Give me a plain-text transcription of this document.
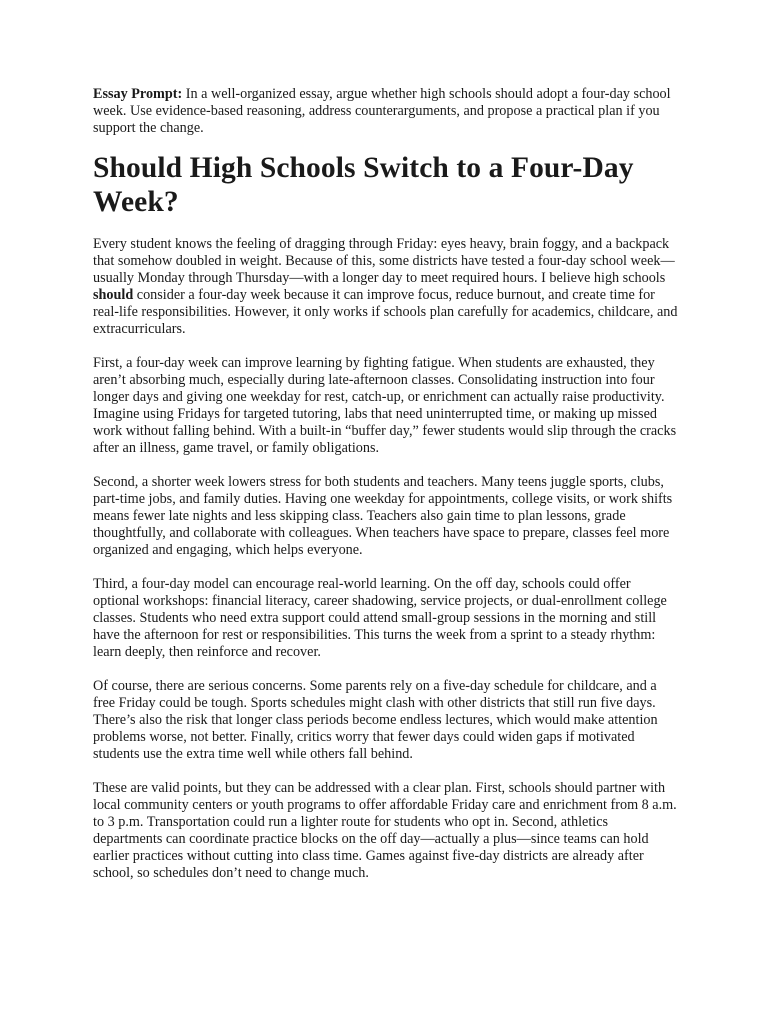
Essay Prompt: In a well-organized essay, argue whether high schools should adopt a four-day school week. Use evidence-based reasoning, address counterarguments, and propose a practical plan if you support the change.

Should High Schools Switch to a Four-Day Week?

Every student knows the feeling of dragging through Friday: eyes heavy, brain foggy, and a backpack that somehow doubled in weight. Because of this, some districts have tested a four-day school week—usually Monday through Thursday—with a longer day to meet required hours. I believe high schools should consider a four-day week because it can improve focus, reduce burnout, and create time for real-life responsibilities. However, it only works if schools plan carefully for academics, childcare, and extracurriculars.

First, a four-day week can improve learning by fighting fatigue. When students are exhausted, they aren’t absorbing much, especially during late-afternoon classes. Consolidating instruction into four longer days and giving one weekday for rest, catch-up, or enrichment can actually raise productivity. Imagine using Fridays for targeted tutoring, labs that need uninterrupted time, or making up missed work without falling behind. With a built-in “buffer day,” fewer students would slip through the cracks after an illness, game travel, or family obligations.

Second, a shorter week lowers stress for both students and teachers. Many teens juggle sports, clubs, part-time jobs, and family duties. Having one weekday for appointments, college visits, or work shifts means fewer late nights and less skipping class. Teachers also gain time to plan lessons, grade thoughtfully, and collaborate with colleagues. When teachers have space to prepare, classes feel more organized and engaging, which helps everyone.

Third, a four-day model can encourage real-world learning. On the off day, schools could offer optional workshops: financial literacy, career shadowing, service projects, or dual-enrollment college classes. Students who need extra support could attend small-group sessions in the morning and still have the afternoon for rest or responsibilities. This turns the week from a sprint to a steady rhythm: learn deeply, then reinforce and recover.

Of course, there are serious concerns. Some parents rely on a five-day schedule for childcare, and a free Friday could be tough. Sports schedules might clash with other districts that still run five days. There’s also the risk that longer class periods become endless lectures, which would make attention problems worse, not better. Finally, critics worry that fewer days could widen gaps if motivated students use the extra time well while others fall behind.

These are valid points, but they can be addressed with a clear plan. First, schools should partner with local community centers or youth programs to offer affordable Friday care and enrichment from 8 a.m. to 3 p.m. Transportation could run a lighter route for students who opt in. Second, athletics departments can coordinate practice blocks on the off day—actually a plus—since teams can hold earlier practices without cutting into class time. Games against five-day districts are already after school, so schedules don’t need to change much.
